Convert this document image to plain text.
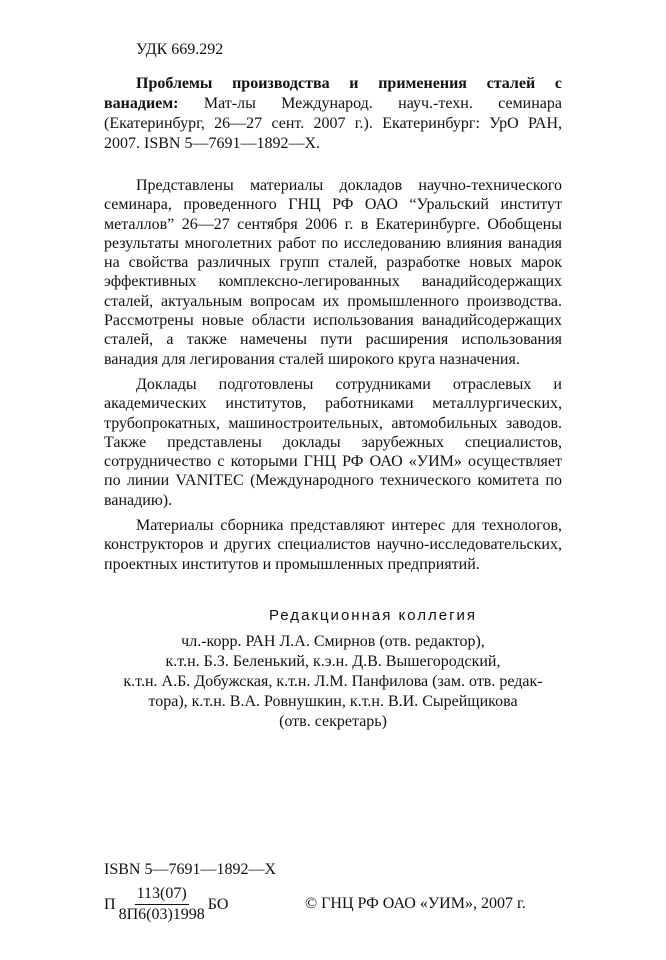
УДК 669.292

Проблемы производства и применения сталей с ванадием: Мат-лы Международ. науч.-техн. семинара (Екатеринбург, 26—27 сент. 2007 г.). Екатеринбург: УрО РАН, 2007. ISBN 5—7691—1892—X.

Представлены материалы докладов научно-технического семинара, проведенного ГНЦ РФ ОАО “Уральский институт металлов” 26—27 сентября 2006 г. в Екатеринбурге. Обобщены результаты многолетних работ по исследованию влияния ванадия на свойства различных групп сталей, разработке новых марок эффективных комплексно-легированных ванадийсодержащих сталей, актуальным вопросам их промышленного производства. Рассмотрены новые области использования ванадийсодержащих сталей, а также намечены пути расширения использования ванадия для легирования сталей широкого круга назначения.

Доклады подготовлены сотрудниками отраслевых и академических институтов, работниками металлургических, трубопрокатных, машиностроительных, автомобильных заводов. Также представлены доклады зарубежных специалистов, сотрудничество с которыми ГНЦ РФ ОАО «УИМ» осуществляет по линии VANITEC (Международного технического комитета по ванадию).

Материалы сборника представляют интерес для технологов, конструкторов и других специалистов научно-исследовательских, проектных институтов и промышленных предприятий.

Редакционная коллегия
чл.-корр. РАН Л.А. Смирнов (отв. редактор),
к.т.н. Б.З. Беленький, к.э.н. Д.В. Вышегородский,
к.т.н. А.Б. Добужская, к.т.н. Л.М. Панфилова (зам. отв. редак-
тора), к.т.н. В.А. Ровнушкин, к.т.н. В.И. Сырейщикова
(отв. секретарь)
ISBN 5—7691—1892—X
П $\frac{113(07)}{8П6(03)1998}$ БО	© ГНЦ РФ ОАО «УИМ», 2007 г.
